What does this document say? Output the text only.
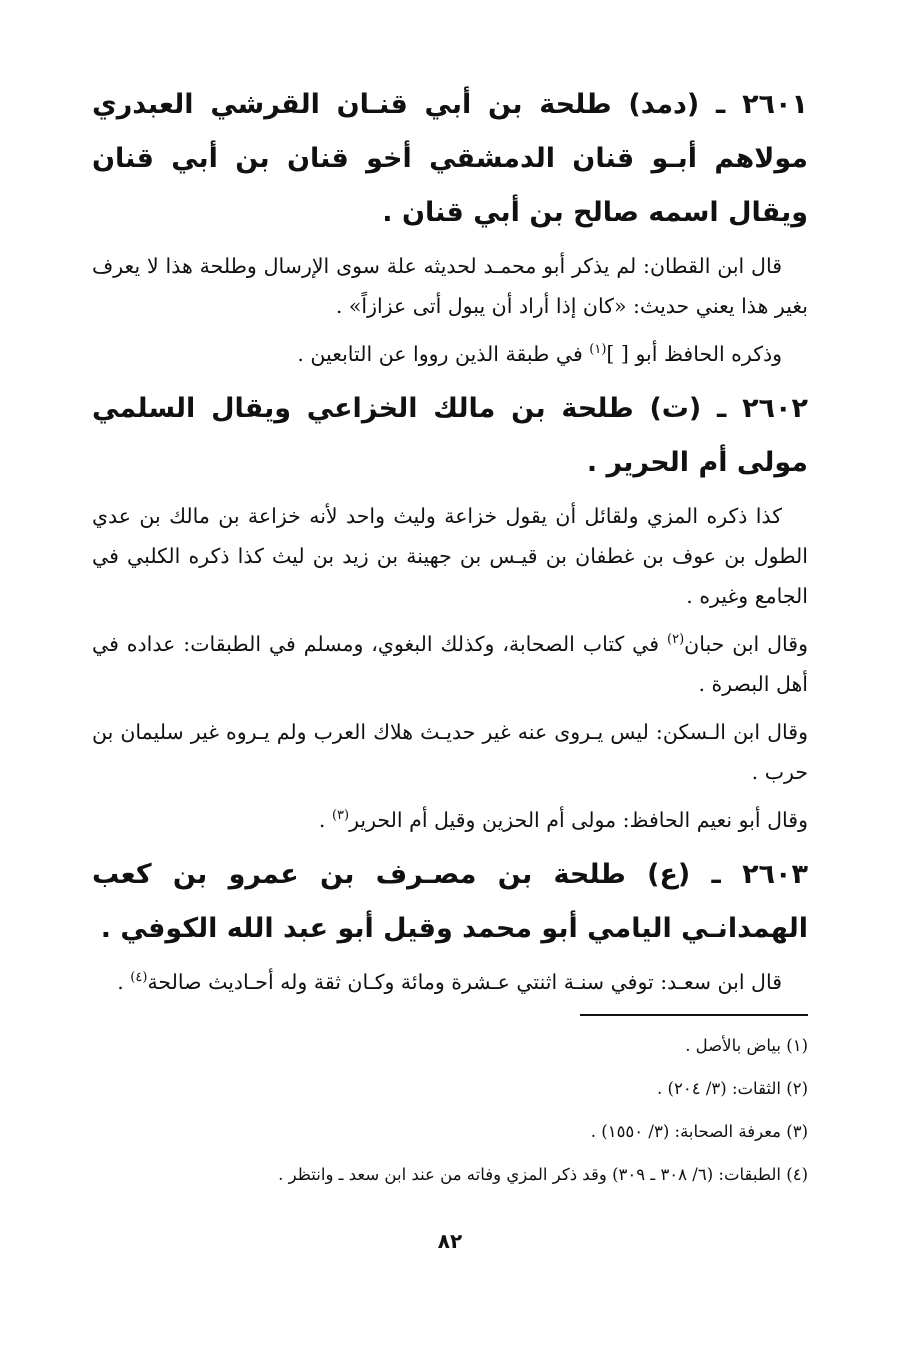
٢٦٠١ ـ (دمد) طلحة بن أبي قنـان القرشي العبدري مولاهم أبـو قنان الدمشقي أخو قنان بن أبي قنان ويقال اسمه صالح بن أبي قنان .

قال ابن القطان: لم يذكر أبو محمـد لحديثه علة سوى الإرسال وطلحة هذا لا يعرف بغير هذا يعني حديث: «كان إذا أراد أن يبول أتى عزازاً» .

وذكره الحافظ أبو [ ]$^{(١)}$ في طبقة الذين رووا عن التابعين .

٢٦٠٢ ـ (ت) طلحة بن مالك الخزاعي ويقال السلمي مولى أم الحرير .

كذا ذكره المزي ولقائل أن يقول خزاعة وليث واحد لأنه خزاعة بن مالك بن عدي الطول بن عوف بن غطفان بن قيـس بن جهينة بن زيد بن ليث كذا ذكره الكلبي في الجامع وغيره .

وقال ابن حبان$^{(٢)}$ في كتاب الصحابة، وكذلك البغوي، ومسلم في الطبقات: عداده في أهل البصرة .

وقال ابن الـسكن: ليس يـروى عنه غير حديـث هلاك العرب ولم يـروه غير سليمان بن حرب .

وقال أبو نعيم الحافظ: مولى أم الحزين وقيل أم الحرير$^{(٣)}$ .

٢٦٠٣ ـ (ع) طلحة بن مصـرف بن عمرو بن كعب الهمدانـي اليامي أبو محمد وقيل أبو عبد الله الكوفي .

قال ابن سعـد: توفي سنـة اثنتي عـشرة ومائة وكـان ثقة وله أحـاديث صالحة$^{(٤)}$ .

(١) بياض بالأصل .

(٢) الثقات: (٣/ ٢٠٤) .

(٣) معرفة الصحابة: (٣/ ١٥٥٠) .

(٤) الطبقات: (٦/ ٣٠٨ ـ ٣٠٩) وقد ذكر المزي وفاته من عند ابن سعد ـ وانتظر .

٨٢
